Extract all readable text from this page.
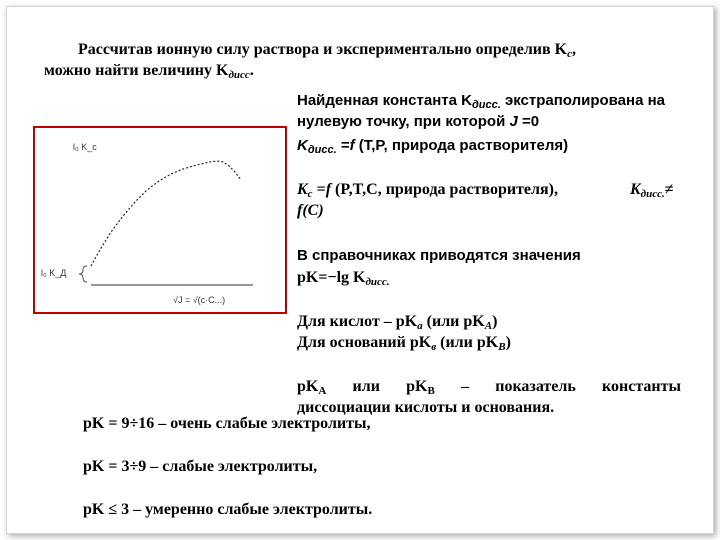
Рассчитав ионную силу раствора и экспериментально определив Kc,
можно найти величину Kдисс.
Найденная константа $K_{дисс.}$ экстраполирована на
нулевую точку, при которой J =0
$K_{дисс.} =f$ (T,P, природа растворителя)
Kc =f (P,T,C, природа растворителя),	Kдисс.≠
f(C)
В справочниках приводятся значения
pK=−lg Kдисс.
Для кислот – pKa (или pKA)
Для оснований pKв (или pKB)
$pK_A$ или $pK_B$ – показатель константы
диссоциации кислоты и основания.
pK = 9÷16 – очень слабые электролиты,
pK = 3÷9 – слабые электролиты,
pK ≤ 3 – умеренно слабые электролиты.
l₀ K_c
l₀ K_Д
√J = √(c·C...)
